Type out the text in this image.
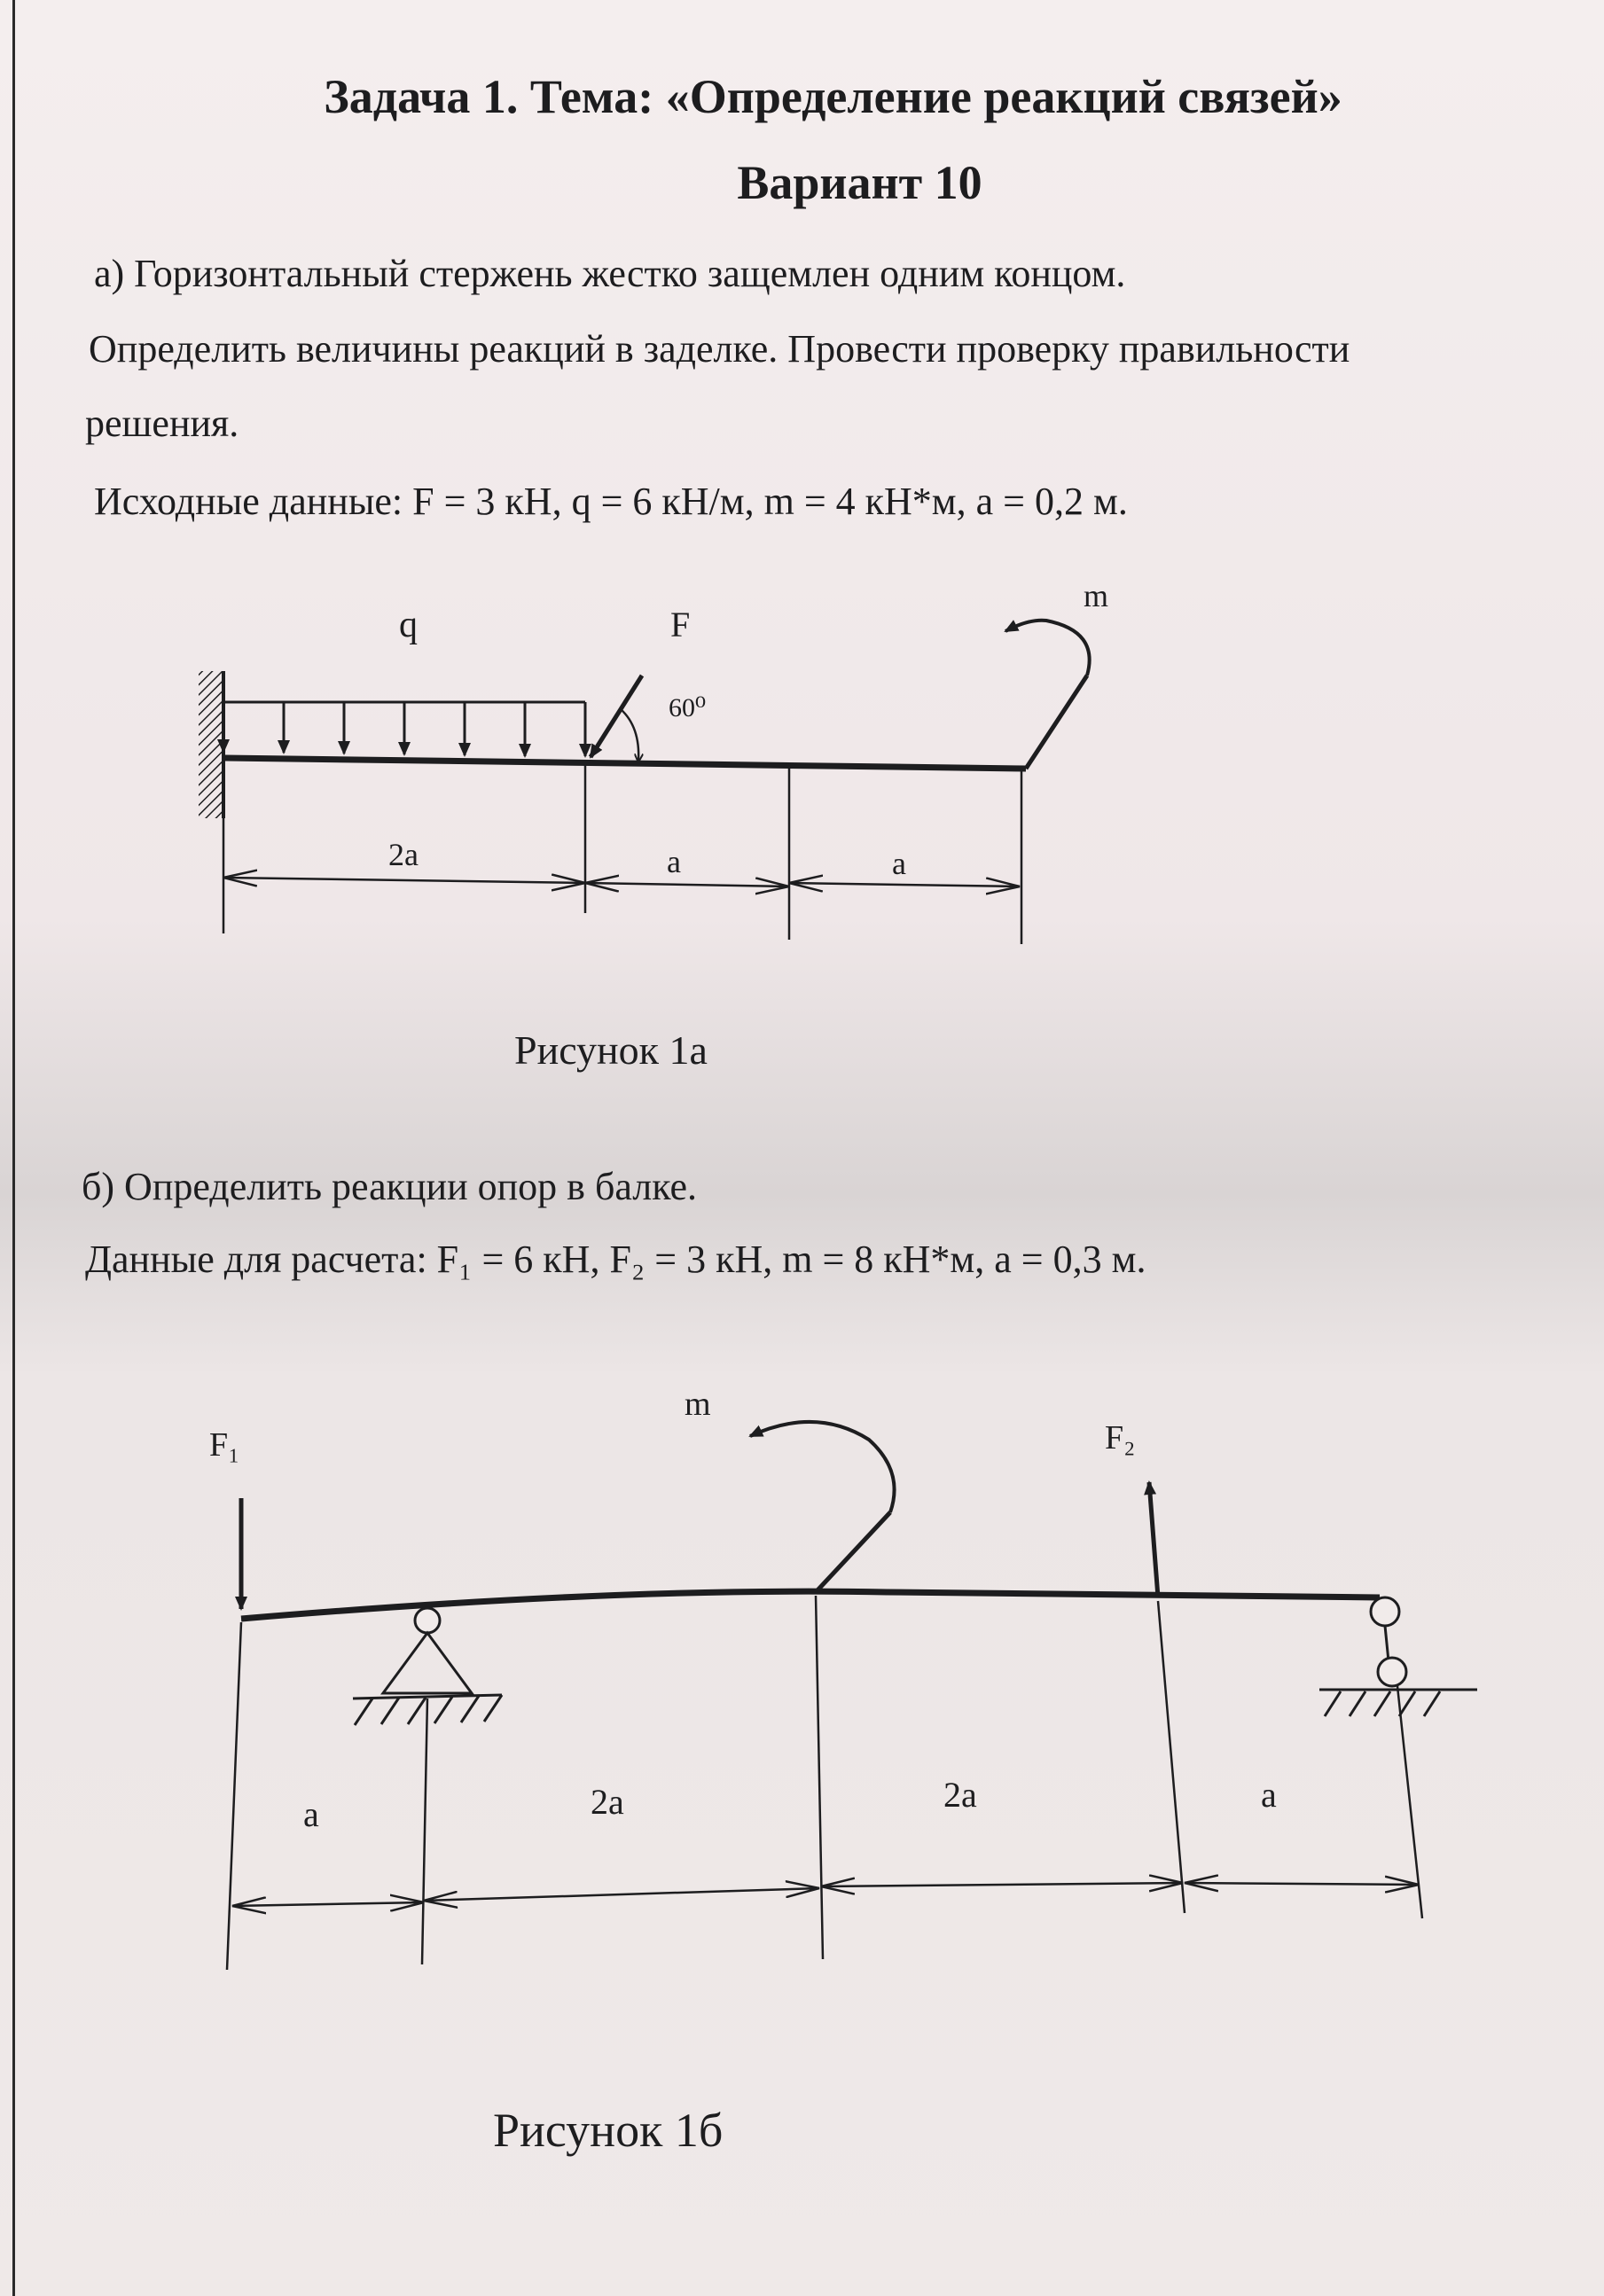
Задача 1. Тема: «Определение реакций связей»
Вариант 10
а) Горизонтальный стержень жестко защемлен одним концом.
Определить величины реакций в заделке. Провести проверку правильности
решения.
Исходные данные: F = 3 кН, q = 6 кН/м, m = 4 кН*м, a = 0,2 м.
Рисунок 1а
б) Определить реакции опор в балке.
Данные для расчета: F₁ = 6 кН, F₂ = 3 кН, m = 8 кН*м, a = 0,3 м.
Рисунок 1б
q	F
60⁰
m
2a	a	a
F₁
m
F₂
a	2a	2a	a
